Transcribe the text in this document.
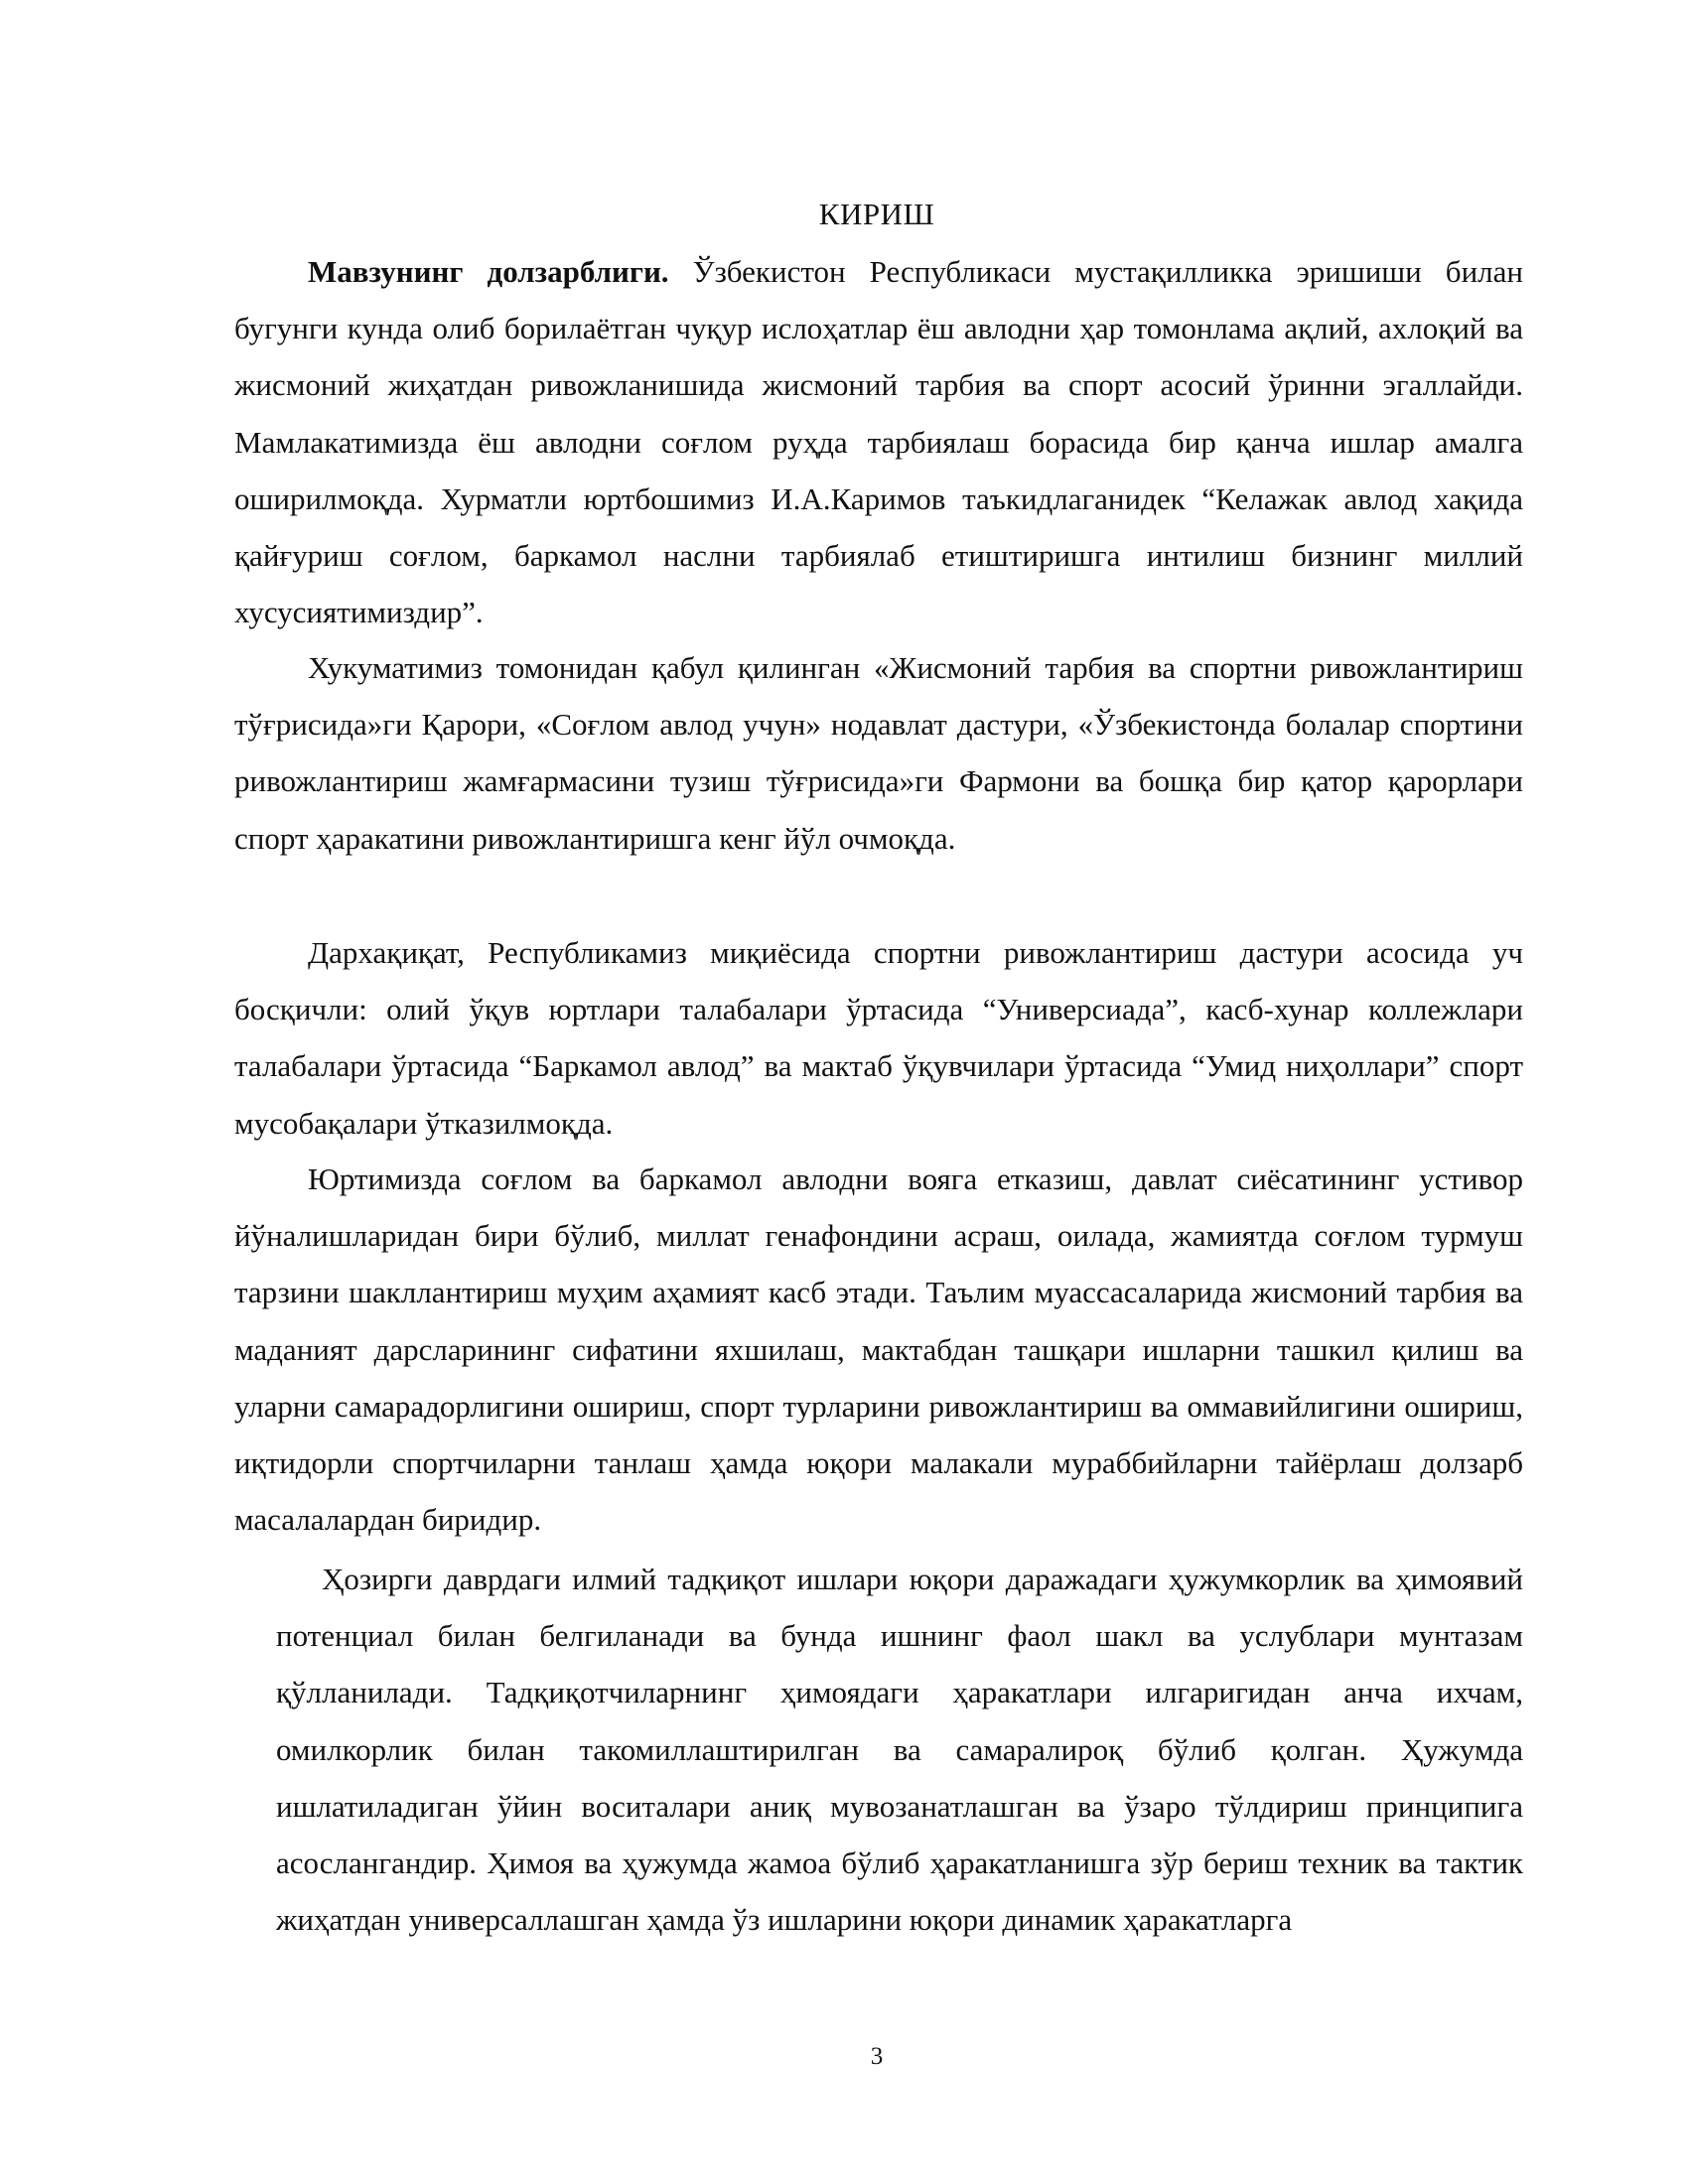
КИРИШ

Мавзунинг долзарблиги. Ўзбекистон Республикаси мустақилликка эришиши билан бугунги кунда олиб борилаётган чуқур ислоҳатлар ёш авлодни ҳар томонлама ақлий, ахлоқий ва жисмоний жиҳатдан ривожланишида жисмоний тарбия ва спорт асосий ўринни эгаллайди. Мамлакатимизда ёш авлодни соғлом руҳда тарбиялаш борасида бир қанча ишлар амалга оширилмоқда. Хурматли юртбошимиз И.А.Каримов таъкидлаганидек “Келажак авлод хақида қайғуриш соғлом, баркамол наслни тарбиялаб етиштиришга интилиш бизнинг миллий хусусиятимиздир”.

Хукуматимиз томонидан қабул қилинган «Жисмоний тарбия ва спортни ривожлантириш тўғрисида»ги Қарори, «Соғлом авлод учун» нодавлат дастури, «Ўзбекистонда болалар спортини ривожлантириш жамғармасини тузиш тўғрисида»ги Фармони ва бошқа бир қатор қарорлари спорт ҳаракатини ривожлантиришга кенг йўл очмоқда.

Дархақиқат, Республикамиз миқиёсида спортни ривожлантириш дастури асосида уч босқичли: олий ўқув юртлари талабалари ўртасида “Универсиада”, касб-хунар коллежлари талабалари ўртасида “Баркамол авлод” ва мактаб ўқувчилари ўртасида “Умид ниҳоллари” спорт мусобақалари ўтказилмоқда.

Юртимизда соғлом ва баркамол авлодни вояга етказиш, давлат сиёсатининг устивор йўналишларидан бири бўлиб, миллат генафондини асраш, оилада, жамиятда соғлом турмуш тарзини шакллантириш муҳим аҳамият касб этади. Таълим муассасаларида жисмоний тарбия ва маданият дарсларининг сифатини яхшилаш, мактабдан ташқари ишларни ташкил қилиш ва уларни самарадорлигини ошириш, спорт турларини ривожлантириш ва оммавийлигини ошириш, иқтидорли спортчиларни танлаш ҳамда юқори малакали мураббийларни тайёрлаш долзарб масалалардан биридир.

Ҳозирги даврдаги илмий тадқиқот ишлари юқори даражадаги ҳужумкорлик ва ҳимоявий потенциал билан белгиланади ва бунда ишнинг фаол шакл ва услублари мунтазам қўлланилади. Тадқиқотчиларнинг ҳимоядаги ҳаракатлари илгаригидан анча ихчам, омилкорлик билан такомиллаштирилган ва самаралироқ бўлиб қолган. Ҳужумда ишлатиладиган ўйин воситалари аниқ мувозанатлашган ва ўзаро тўлдириш принципига асослангандир. Ҳимоя ва ҳужумда жамоа бўлиб ҳаракатланишга зўр бериш техник ва тактик жиҳатдан универсаллашган ҳамда ўз ишларини юқори динамик ҳаракатларга

3
